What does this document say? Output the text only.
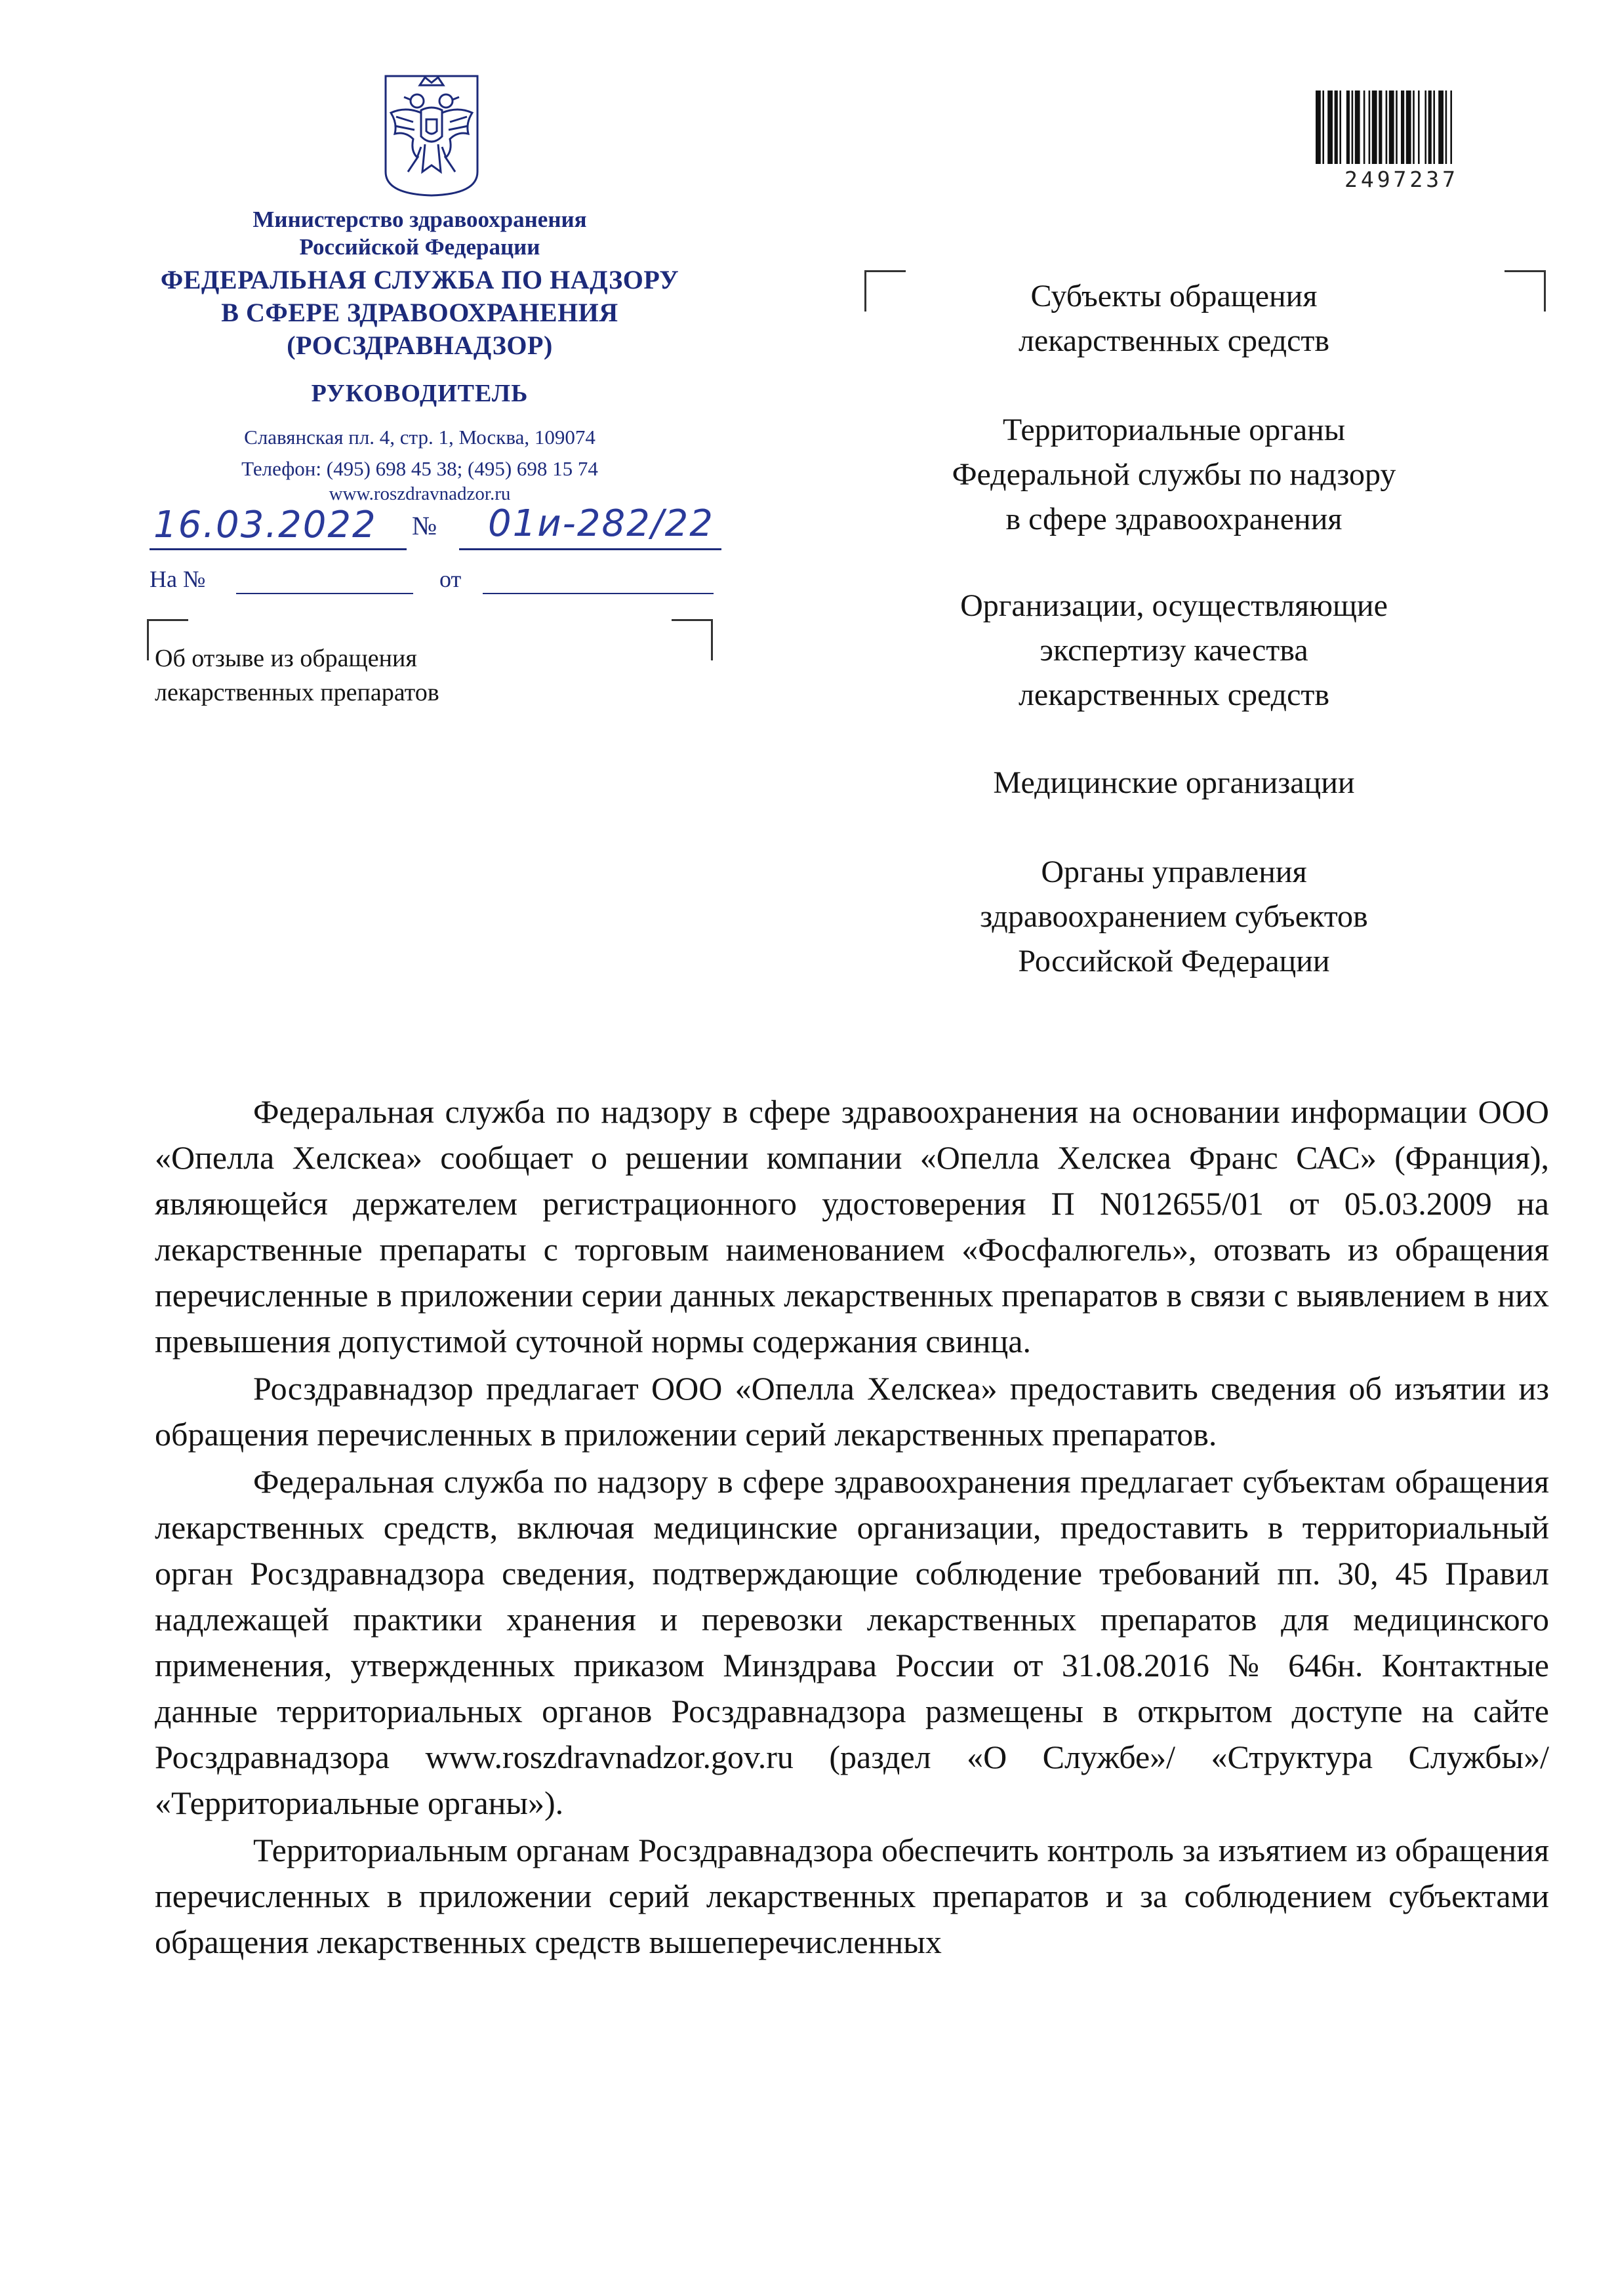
Министерство здравоохранения

Российской Федерации

ФЕДЕРАЛЬНАЯ СЛУЖБА ПО НАДЗОРУ

В СФЕРЕ ЗДРАВООХРАНЕНИЯ

(РОСЗДРАВНАДЗОР)

РУКОВОДИТЕЛЬ

Славянская пл. 4, стр. 1, Москва, 109074

Телефон: (495) 698 45 38; (495) 698 15 74

www.roszdravnadzor.ru

16.03.2022 № 01и-282/22
На №	от

Об отзыве из обращения
лекарственных препаратов

2497237
Субъекты обращения
лекарственных средств
Территориальные органы
Федеральной службы по надзору
в сфере здравоохранения
Организации, осуществляющие
экспертизу качества
лекарственных средств
Медицинские организации
Органы управления
здравоохранением субъектов
Российской Федерации

Федеральная служба по надзору в сфере здравоохранения на основании информации ООО «Опелла Хелскеа» сообщает о решении компании «Опелла Хелскеа Франс САС» (Франция), являющейся держателем регистрационного удостоверения П N012655/01 от 05.03.2009 на лекарственные препараты с торговым наименованием «Фосфалюгель», отозвать из обращения перечисленные в приложении серии данных лекарственных препаратов в связи с выявлением в них превышения допустимой суточной нормы содержания свинца.

Росздравнадзор предлагает ООО «Опелла Хелскеа» предоставить сведения об изъятии из обращения перечисленных в приложении серий лекарственных препаратов.

Федеральная служба по надзору в сфере здравоохранения предлагает субъектам обращения лекарственных средств, включая медицинские организации, предоставить в территориальный орган Росздравнадзора сведения, подтверждающие соблюдение требований пп. 30, 45 Правил надлежащей практики хранения и перевозки лекарственных препаратов для медицинского применения, утвержденных приказом Минздрава России от 31.08.2016 № 646н. Контактные данные территориальных органов Росздравнадзора размещены в открытом доступе на сайте Росздравнадзора www.roszdravnadzor.gov.ru (раздел «О Службе»/ «Структура Службы»/ «Территориальные органы»).

Территориальным органам Росздравнадзора обеспечить контроль за изъятием из обращения перечисленных в приложении серий лекарственных препаратов и за соблюдением субъектами обращения лекарственных средств вышеперечисленных
